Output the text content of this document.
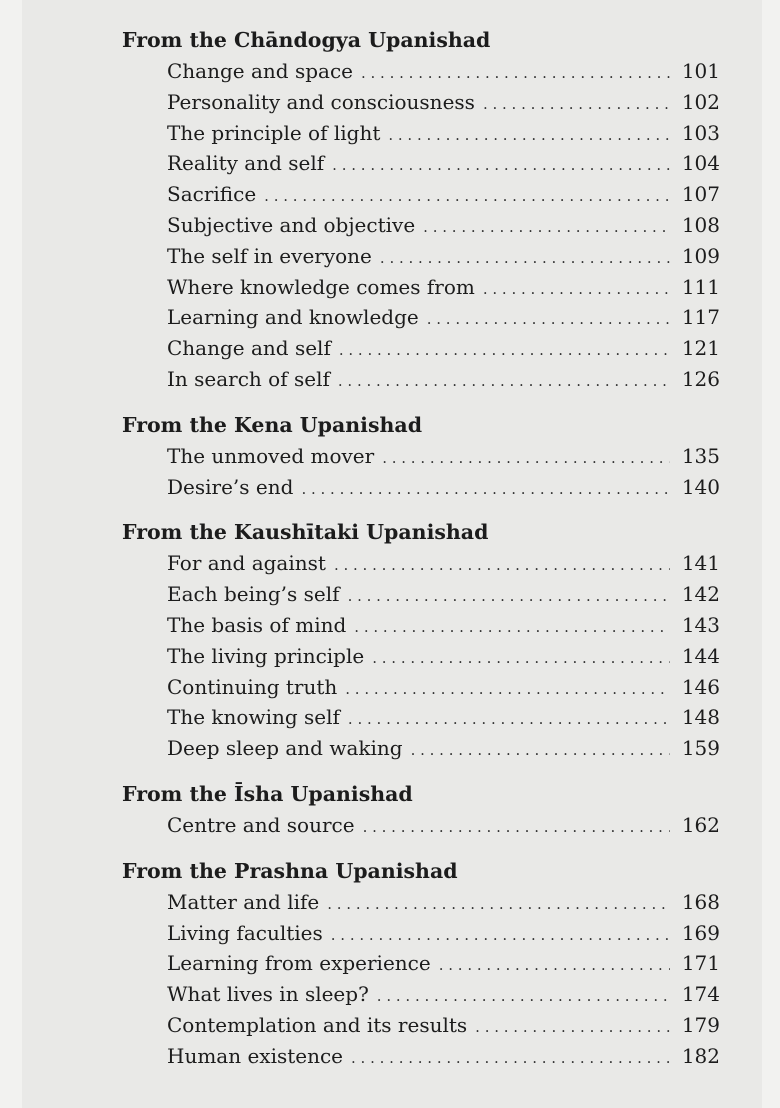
From the Chāndogya Upanishad
Change and space . . .	101
Personality and consciousness . . .	102
The principle of light . . .	103
Reality and self . . .	104
Sacrifice . . .	107
Subjective and objective . . .	108
The self in everyone . . .	109
Where knowledge comes from . . .	111
Learning and knowledge . . .	117
Change and self . . .	121
In search of self . . .	126
From the Kena Upanishad
The unmoved mover . . .	135
Desire’s end . . .	140
From the Kaushītaki Upanishad
For and against . . .	141
Each being’s self . . .	142
The basis of mind . . .	143
The living principle . . .	144
Continuing truth . . .	146
The knowing self . . .	148
Deep sleep and waking . . .	159
From the Īsha Upanishad
Centre and source . . .	162
From the Prashna Upanishad
Matter and life . . .	168
Living faculties . . .	169
Learning from experience . . .	171
What lives in sleep? . . .	174
Contemplation and its results . . .	179
Human existence . . .	182
